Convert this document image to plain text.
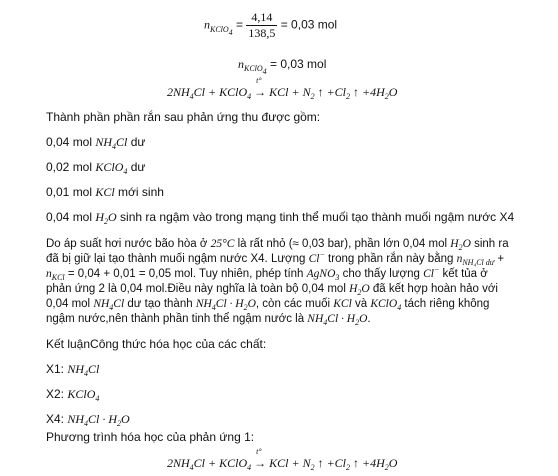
$n_{KClO_4} = \frac{4,14}{138,5} = 0,03$ mol
$n_{KClO_4} = 0,03$ mol
$2NH_4Cl$ + KClO$_4$
t°
→ KCl + $N_2$ ↑ $+Cl_2$ ↑ $+4H_2O$
Thành phần phần rắn sau phản ứng thu được gồm:
0,04 mol $NH_4Cl$ dư
0,02 mol KClO$_4$ dư
0,01 mol KCl mới sinh
0,04 mol $H_2O$ sinh ra ngậm vào trong mạng tinh thể muối tạo thành muối ngậm nước X4
Do áp suất hơi nước bão hòa ở 25°C là rất nhỏ (≈ 0,03 bar), phần lớn 0,04 mol $H_2O$ sinh ra
đã bị giữ lại tạo thành muối ngậm nước X4. Lượng Cl− trong phần rắn này bằng $n_{NH_4Cl dư}$ +
$n_{KCl} = 0,04 + 0,01 = 0,05$ mol. Tuy nhiên, phép tính AgNO$_3$ cho thấy lượng Cl− kết tủa ở
phản ứng 2 là 0,04 mol.Điều này nghĩa là toàn bộ 0,04 mol $H_2O$ đã kết hợp hoàn hảo với
0,04 mol $NH_4Cl$ dư tạo thành $NH_4Cl \cdot H_2O$, còn các muối KCl và KClO$_4$ tách riêng không
ngậm nước,nên thành phần tinh thể ngậm nước là $NH_4Cl \cdot H_2O$.
Kết luậnCông thức hóa học của các chất:
X1: $NH_4Cl$
X2: KClO$_4$
X4: $NH_4Cl \cdot H_2O$
Phương trình hóa học của phản ứng 1:
$2NH_4Cl$ + KClO$_4$
t°
→ KCl + $N_2$ ↑ $+Cl_2$ ↑ $+4H_2O$
